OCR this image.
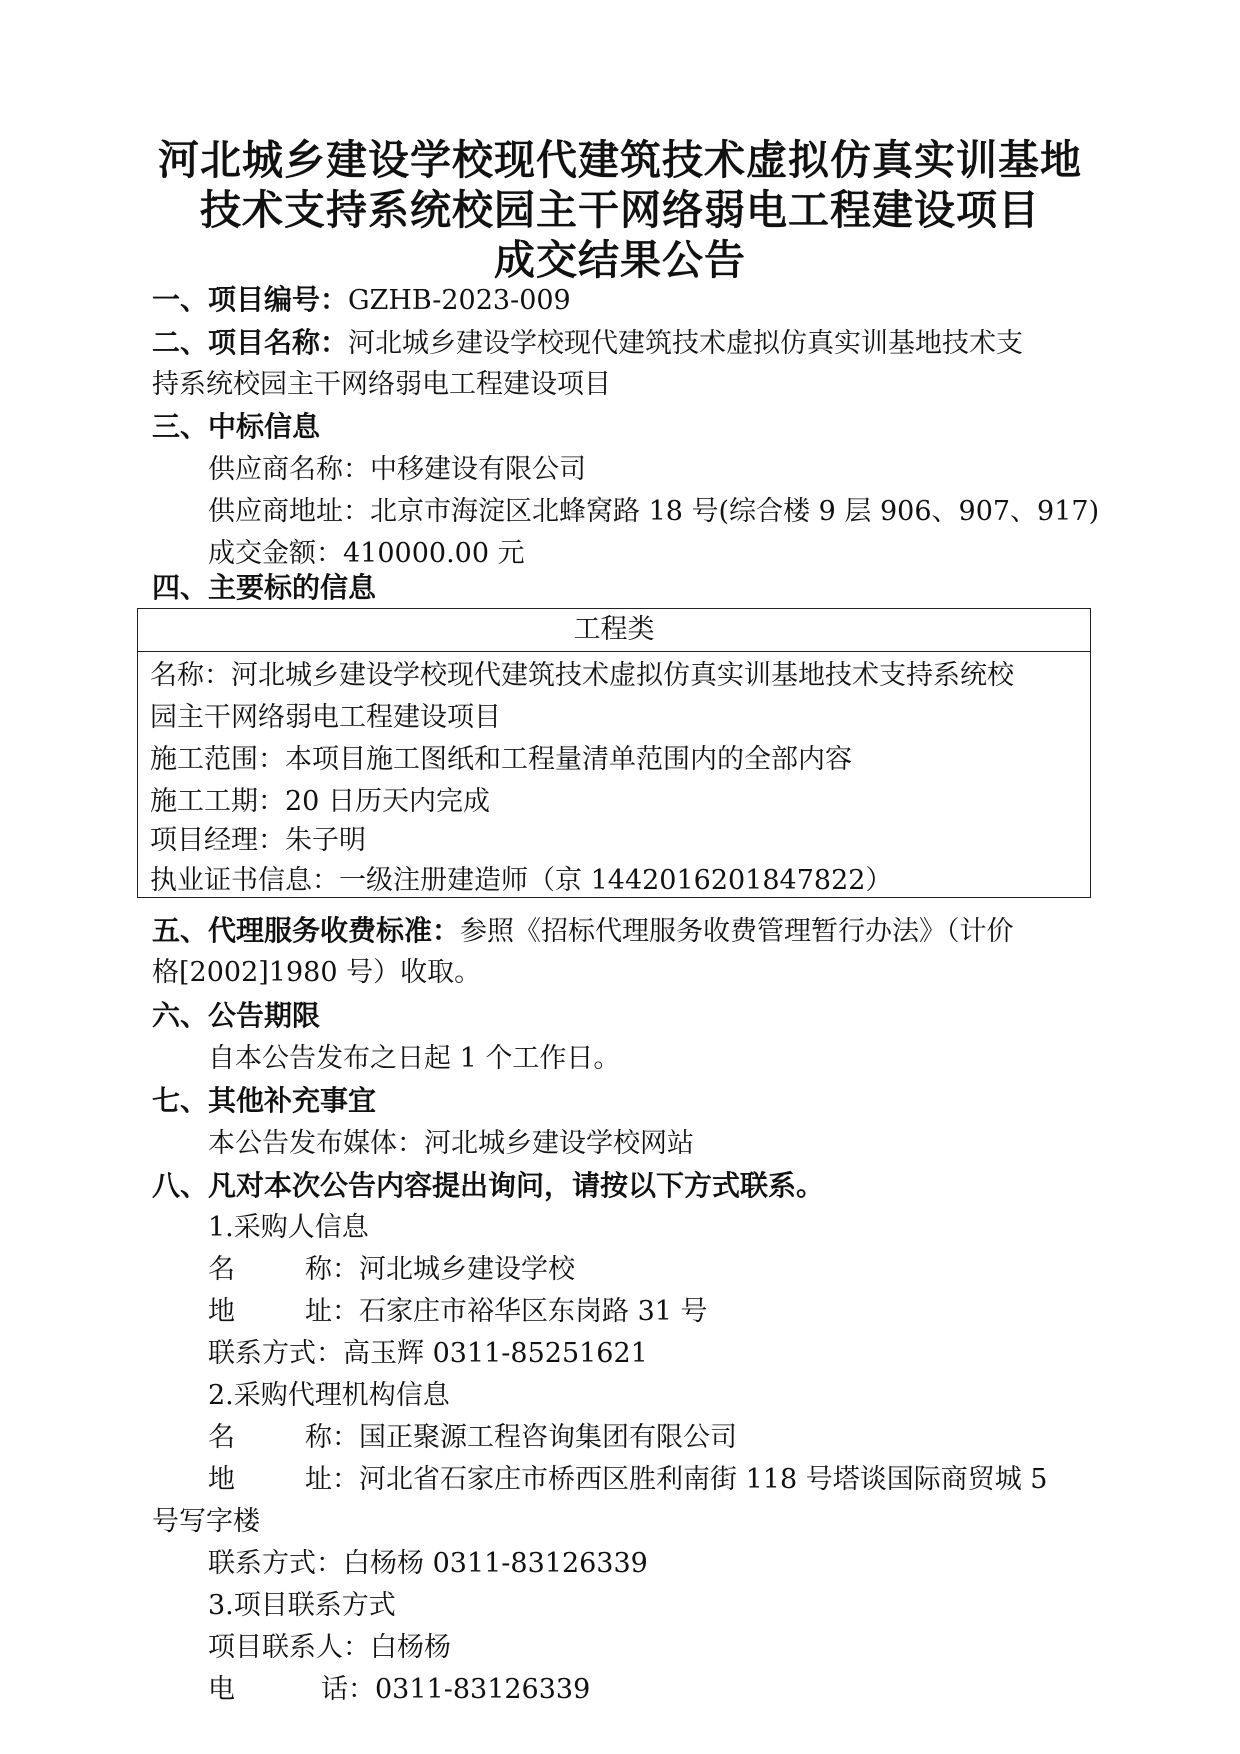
河北城乡建设学校现代建筑技术虚拟仿真实训基地
技术支持系统校园主干网络弱电工程建设项目
成交结果公告
一、项目编号：GZHB-2023-009
二、项目名称：河北城乡建设学校现代建筑技术虚拟仿真实训基地技术支
持系统校园主干网络弱电工程建设项目
三、中标信息
供应商名称：中移建设有限公司
供应商地址：北京市海淀区北蜂窝路 18 号(综合楼 9 层 906、907、917)
成交金额：410000.00 元
四、主要标的信息
工程类
名称：河北城乡建设学校现代建筑技术虚拟仿真实训基地技术支持系统校
园主干网络弱电工程建设项目
施工范围：本项目施工图纸和工程量清单范围内的全部内容
施工工期：20 日历天内完成
项目经理：朱子明
执业证书信息：一级注册建造师（京 1442016201847822）
五、代理服务收费标准：参照《招标代理服务收费管理暂行办法》（计价
格[2002]1980 号）收取。
六、公告期限
自本公告发布之日起 1 个工作日。
七、其他补充事宜
本公告发布媒体：河北城乡建设学校网站
八、凡对本次公告内容提出询问，请按以下方式联系。
1.采购人信息
名	称：河北城乡建设学校
地	址：石家庄市裕华区东岗路 31 号
联系方式：高玉辉 0311-85251621
2.采购代理机构信息
名	称：国正聚源工程咨询集团有限公司
地	址：河北省石家庄市桥西区胜利南街 118 号塔谈国际商贸城 5
号写字楼
联系方式：白杨杨 0311-83126339
3.项目联系方式
项目联系人：白杨杨
电	话：0311-83126339
